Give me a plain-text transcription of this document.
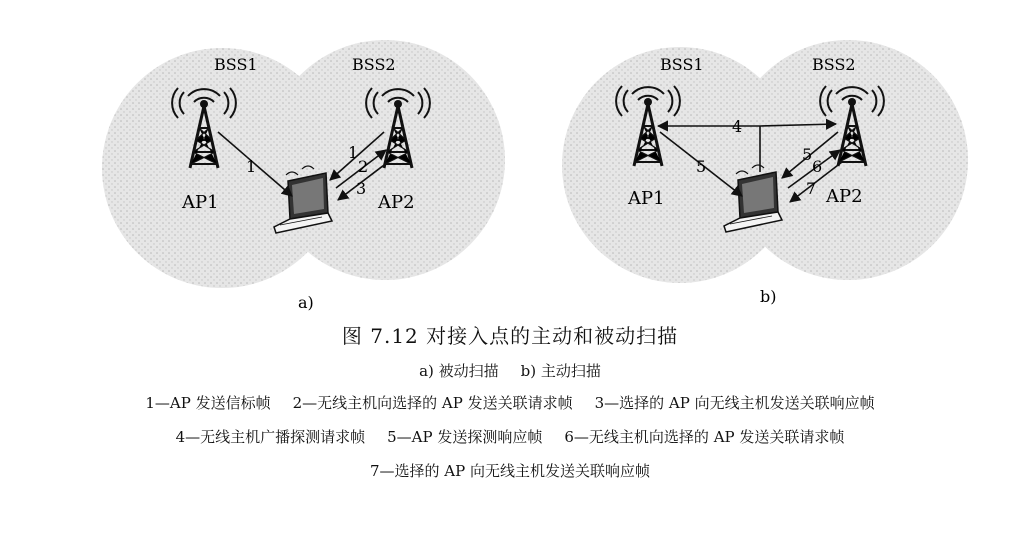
BSS1	BSS2
AP1	AP2
1
1
2
3
a)
BSS1	BSS2
AP1	AP2
4
5
5
6
7
b)
图 7.12 对接入点的主动和被动扫描
a) 被动扫描 b) 主动扫描
1—AP 发送信标帧 2—无线主机向选择的 AP 发送关联请求帧 3—选择的 AP 向无线主机发送关联响应帧
4—无线主机广播探测请求帧 5—AP 发送探测响应帧 6—无线主机向选择的 AP 发送关联请求帧
7—选择的 AP 向无线主机发送关联响应帧
